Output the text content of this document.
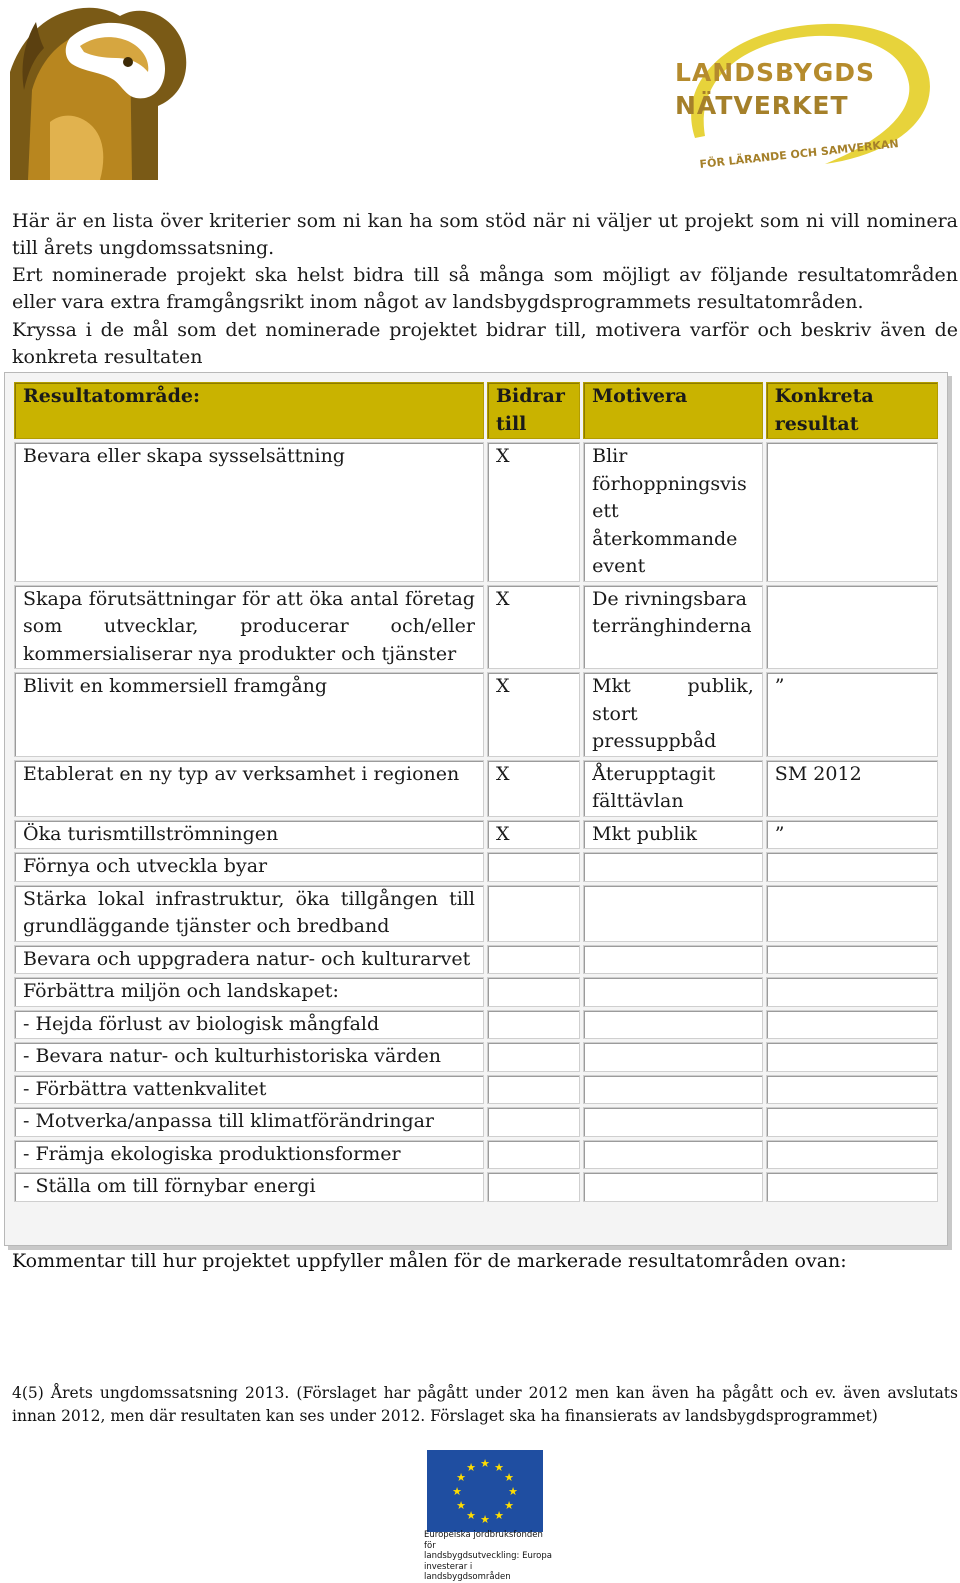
LANDSBYGDS
NÄTVERKET
FÖR LÄRANDE OCH SAMVERKAN
Här är en lista över kriterier som ni kan ha som stöd när ni väljer ut projekt som ni vill nominera till årets ungdomssatsning.
Ert nominerade projekt ska helst bidra till så många som möjligt av följande resultatområden eller vara extra framgångsrikt inom något av landsbygdsprogrammets resultatområden.
Kryssa i de mål som det nominerade projektet bidrar till, motivera varför och beskriv även de konkreta resultaten
Resultatområde:	Bidrar till	Motivera	Konkreta resultat
Bevara eller skapa sysselsättning	X	Blir förhoppningsvis ett återkommande event	
Skapa förutsättningar för att öka antal företag som utvecklar, producerar och/eller kommersialiserar nya produkter och tjänster	X	De rivningsbara terränghinderna	
Blivit en kommersiell framgång	X	Mkt publik, stort pressuppbåd	”
Etablerat en ny typ av verksamhet i regionen	X	Återupptagit fälttävlan	SM 2012
Öka turismtillströmningen	X	Mkt publik	”
Förnya och utveckla byar			
Stärka lokal infrastruktur, öka tillgången till grundläggande tjänster och bredband			
Bevara och uppgradera natur- och kulturarvet			
Förbättra miljön och landskapet:			
- Hejda förlust av biologisk mångfald			
- Bevara natur- och kulturhistoriska värden			
- Förbättra vattenkvalitet			
- Motverka/anpassa till klimatförändringar			
- Främja ekologiska produktionsformer			
- Ställa om till förnybar energi			
Kommentar till hur projektet uppfyller målen för de markerade resultatområden ovan:
4(5) Årets ungdomssatsning 2013. (Förslaget har pågått under 2012 men kan även ha pågått och ev. även avslutats innan 2012, men där resultaten kan ses under 2012. Förslaget ska ha finansierats av landsbygdsprogrammet)
★ ★
★
★
★
★
★
★
★
★
★
★
Europeiska jordbruksfonden för
landsbygdsutveckling: Europa
investerar i landsbygdsområden
